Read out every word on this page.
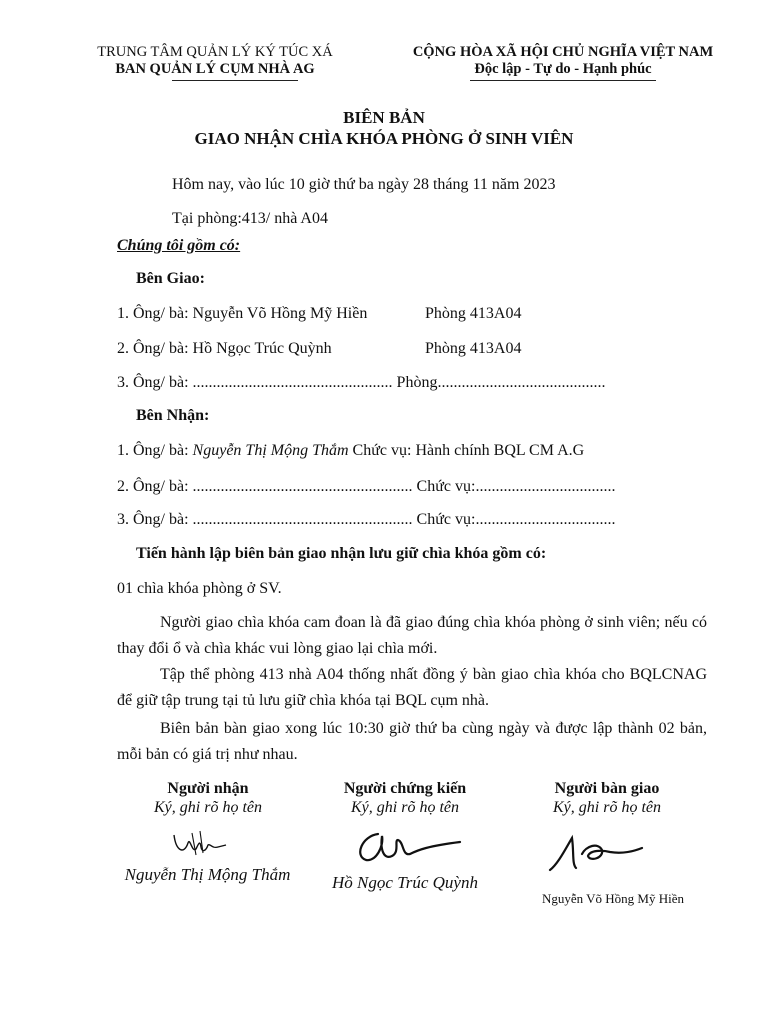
TRUNG TÂM QUẢN LÝ KÝ TÚC XÁ
BAN QUẢN LÝ CỤM NHÀ AG
CỘNG HÒA XÃ HỘI CHỦ NGHĨA VIỆT NAM
Độc lập - Tự do - Hạnh phúc
BIÊN BẢN
GIAO NHẬN CHÌA KHÓA PHÒNG Ở SINH VIÊN
Hôm nay, vào lúc 10 giờ thứ ba ngày 28 tháng 11 năm 2023
Tại phòng:413/ nhà A04
Chúng tôi gồm có:
Bên Giao:
1. Ông/ bà: Nguyễn Võ Hồng Mỹ Hiền	Phòng 413A04
2. Ông/ bà: Hồ Ngọc Trúc Quỳnh	Phòng 413A04
3. Ông/ bà: .................................................. Phòng..........................................
Bên Nhận:
1. Ông/ bà: Nguyễn Thị Mộng Thắm Chức vụ: Hành chính BQL CM A.G
2. Ông/ bà: ....................................................... Chức vụ:...................................
3. Ông/ bà: ....................................................... Chức vụ:...................................
Tiến hành lập biên bản giao nhận lưu giữ chìa khóa gồm có:
01 chìa khóa phòng ở SV.
Người giao chìa khóa cam đoan là đã giao đúng chìa khóa phòng ở sinh viên; nếu có thay đổi ổ và chìa khác vui lòng giao lại chìa mới.
Tập thể phòng 413 nhà A04 thống nhất đồng ý bàn giao chìa khóa cho BQLCNAG để giữ tập trung tại tủ lưu giữ chìa khóa tại BQL cụm nhà.
Biên bản bàn giao xong lúc 10:30 giờ thứ ba cùng ngày và được lập thành 02 bản, mỗi bản có giá trị như nhau.
Người nhận
Ký, ghi rõ họ tên
Người chứng kiến
Ký, ghi rõ họ tên
Người bàn giao
Ký, ghi rõ họ tên
Nguyễn Thị Mộng Thắm	Hồ Ngọc Trúc Quỳnh
Nguyễn Võ Hồng Mỹ Hiền
